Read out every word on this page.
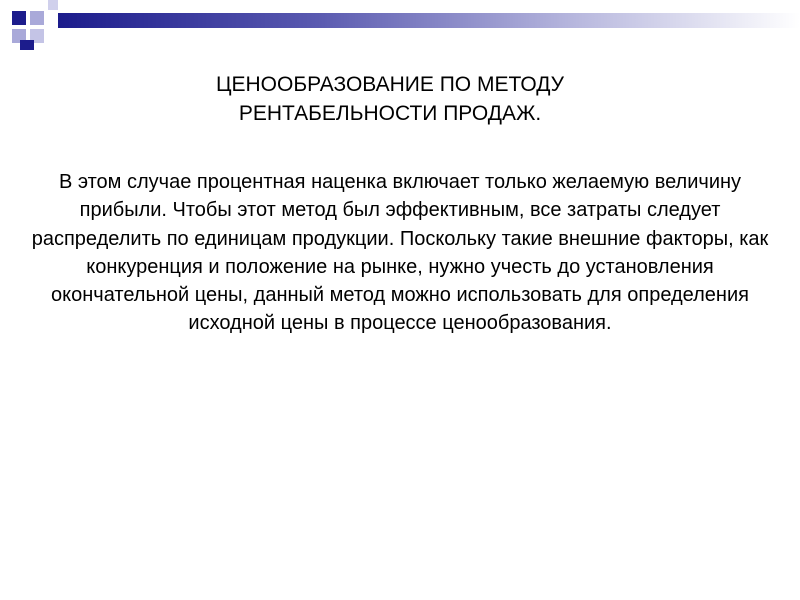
ЦЕНООБРАЗОВАНИЕ ПО МЕТОДУ
РЕНТАБЕЛЬНОСТИ ПРОДАЖ.

В этом случае процентная наценка включает только желаемую величину прибыли. Чтобы этот метод был эффективным, все затраты следует распределить по единицам продукции. Поскольку такие внешние факторы, как конкуренция и положение на рынке, нужно учесть до установления окончательной цены, данный метод можно использовать для определения исходной цены в процессе ценообразования.
